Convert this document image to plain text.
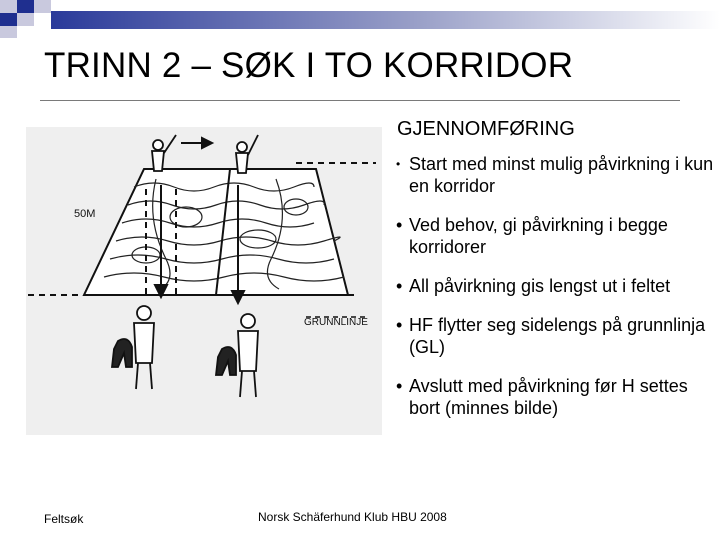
TRINN 2 – SØK I TO KORRIDOR
50M
GRUNNLINJE
GJENNOMFØRING
• Start med minst mulig påvirkning i kun en korridor
• Ved behov, gi påvirkning i begge korridorer
• All påvirkning gis lengst ut i feltet
• HF flytter seg sidelengs på grunnlinja (GL)
• Avslutt med påvirkning før H settes bort (minnes bilde)
Feltsøk	Norsk Schäferhund Klub HBU 2008
